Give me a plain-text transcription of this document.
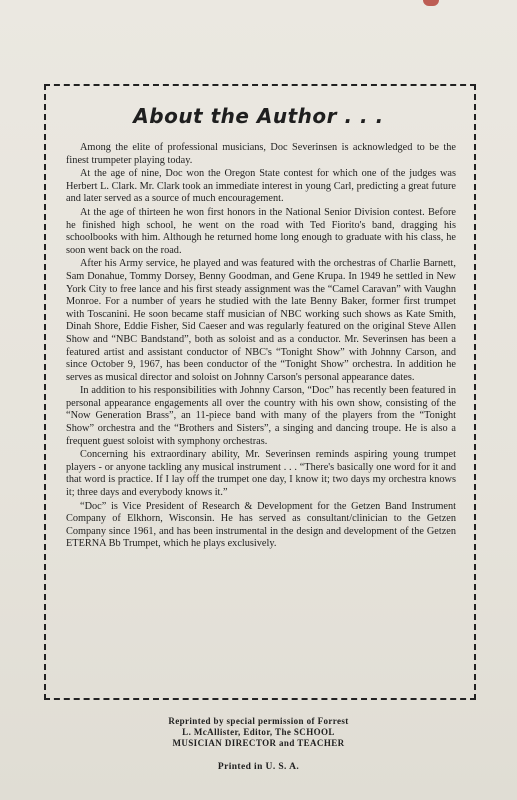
About the Author . . .

Among the elite of professional musicians, Doc Severinsen is acknowledged to be the finest trumpeter playing today.

At the age of nine, Doc won the Oregon State contest for which one of the judges was Herbert L. Clark. Mr. Clark took an immediate interest in young Carl, predicting a great future and later served as a source of much encouragement.

At the age of thirteen he won first honors in the National Senior Division contest. Before he finished high school, he went on the road with Ted Fiorito's band, dragging his schoolbooks with him. Although he returned home long enough to graduate with his class, he soon went back on the road.

After his Army service, he played and was featured with the orchestras of Charlie Barnett, Sam Donahue, Tommy Dorsey, Benny Goodman, and Gene Krupa. In 1949 he settled in New York City to free lance and his first steady assignment was the “Camel Caravan” with Vaughn Monroe. For a number of years he studied with the late Benny Baker, former first trumpet with Toscanini. He soon became staff musician of NBC working such shows as Kate Smith, Dinah Shore, Eddie Fisher, Sid Caeser and was regularly featured on the original Steve Allen Show and “NBC Bandstand”, both as soloist and as a conductor. Mr. Severinsen has been a featured artist and assistant conductor of NBC's “Tonight Show” with Johnny Carson, and since October 9, 1967, has been conductor of the “Tonight Show” orchestra. In addition he serves as musical director and soloist on Johnny Carson's personal appearance dates.

In addition to his responsibilities with Johnny Carson, “Doc” has recently been featured in personal appearance engagements all over the country with his own show, consisting of the “Now Generation Brass”, an 11-piece band with many of the players from the “Tonight Show” orchestra and the “Brothers and Sisters”, a singing and dancing troupe. He is also a frequent guest soloist with symphony orchestras.

Concerning his extraordinary ability, Mr. Severinsen reminds aspiring young trumpet players - or anyone tackling any musical instrument . . . “There's basically one word for it and that word is practice. If I lay off the trumpet one day, I know it; two days my orchestra knows it; three days and everybody knows it.”

“Doc” is Vice President of Research & Development for the Getzen Band Instrument Company of Elkhorn, Wisconsin. He has served as consultant/clinician to the Getzen Company since 1961, and has been instrumental in the design and development of the Getzen ETERNA Bb Trumpet, which he plays exclusively.

Reprinted by special permission of Forrest
L. McAllister, Editor, The SCHOOL
MUSICIAN DIRECTOR and TEACHER
Printed in U. S. A.
